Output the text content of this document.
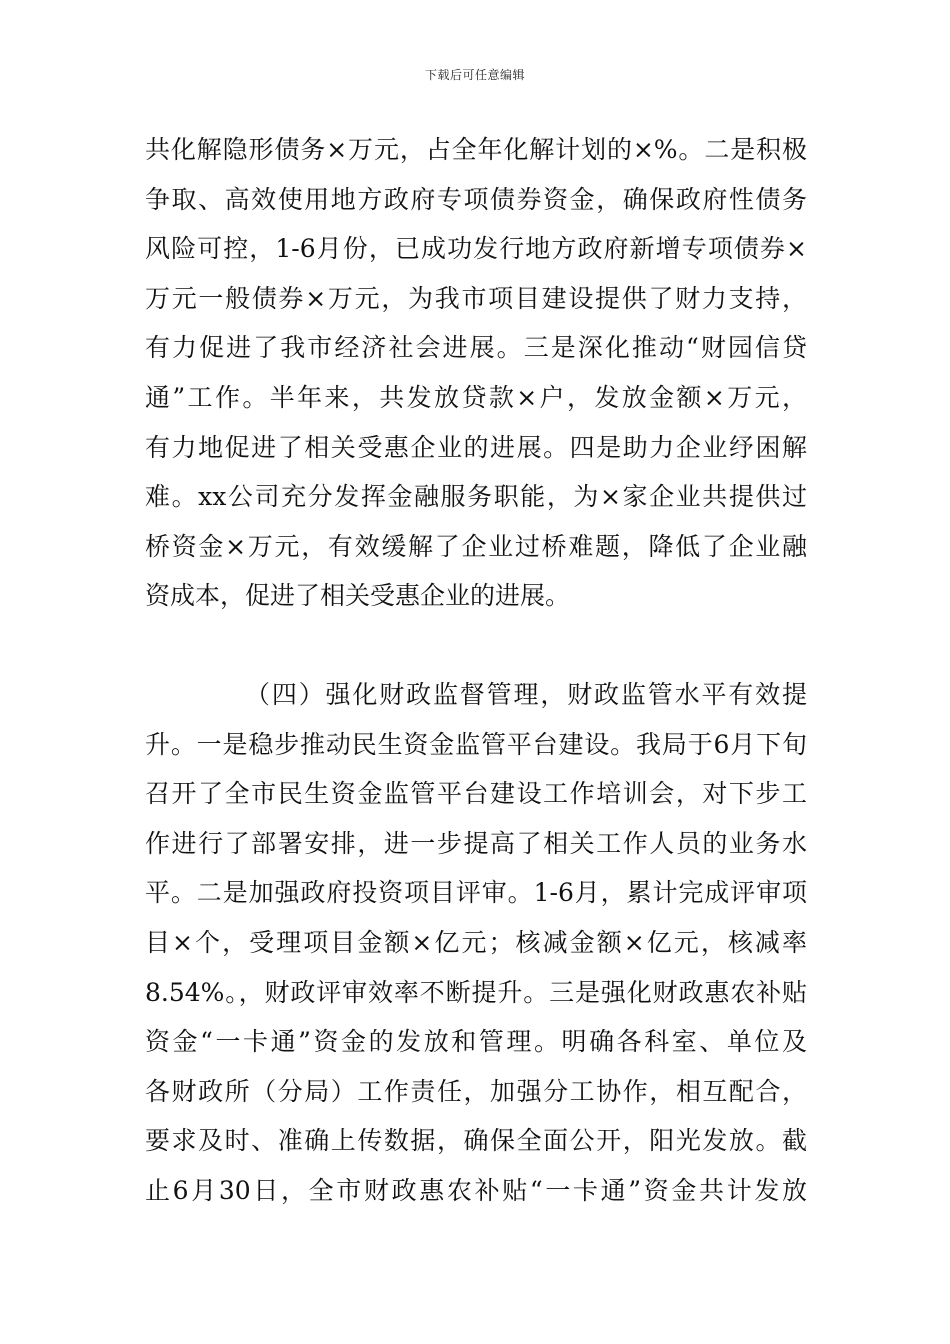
下载后可任意编辑
共化解隐形债务×万元，占全年化解计划的×%。二是积极
争取、高效使用地方政府专项债券资金，确保政府性债务
风险可控，1-6月份，已成功发行地方政府新增专项债券×
万元一般债券×万元，为我市项目建设提供了财力支持，
有力促进了我市经济社会进展。三是深化推动“财园信贷
通”工作。半年来，共发放贷款×户，发放金额×万元，
有力地促进了相关受惠企业的进展。四是助力企业纾困解
难。xx公司充分发挥金融服务职能，为×家企业共提供过
桥资金×万元，有效缓解了企业过桥难题，降低了企业融
资成本，促进了相关受惠企业的进展。
（四）强化财政监督管理，财政监管水平有效提
升。一是稳步推动民生资金监管平台建设。我局于6月下旬
召开了全市民生资金监管平台建设工作培训会，对下步工
作进行了部署安排，进一步提高了相关工作人员的业务水
平。二是加强政府投资项目评审。1-6月，累计完成评审项
目×个，受理项目金额×亿元；核减金额×亿元，核减率
8.54%。，财政评审效率不断提升。三是强化财政惠农补贴
资金“一卡通”资金的发放和管理。明确各科室、单位及
各财政所（分局）工作责任，加强分工协作，相互配合，
要求及时、准确上传数据，确保全面公开，阳光发放。截
止6月30日，全市财政惠农补贴“一卡通”资金共计发放
